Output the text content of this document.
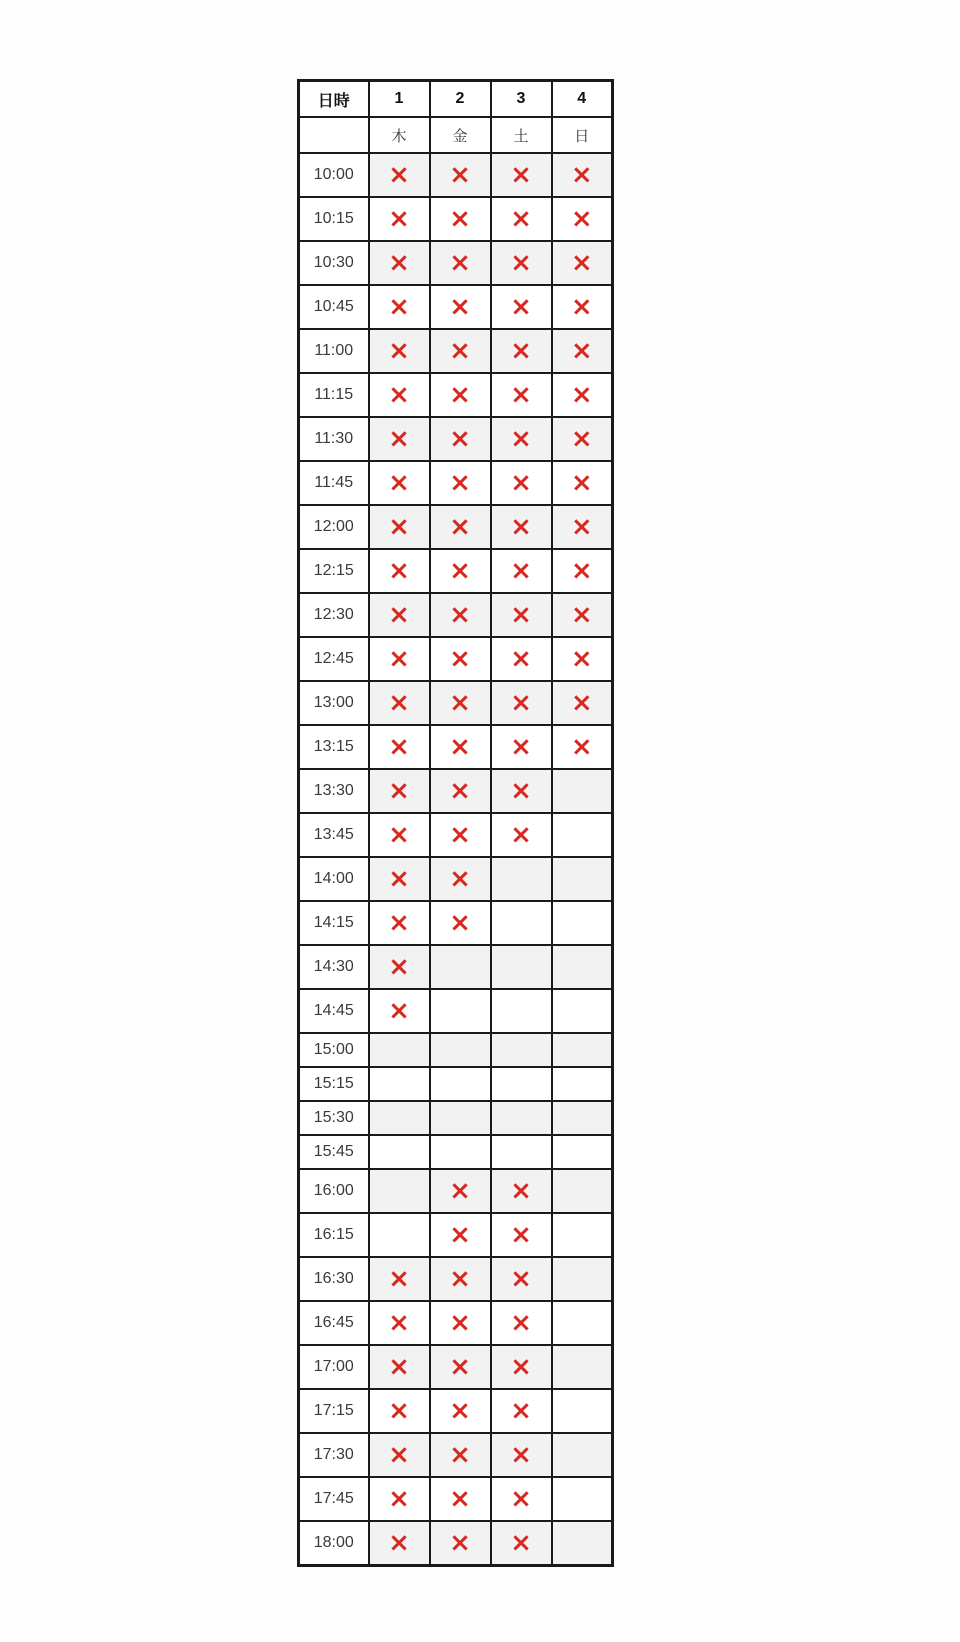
日時	1	2	3	4
	木	金	土	日
10:00	×	×	×	×
10:15	×	×	×	×
10:30	×	×	×	×
10:45	×	×	×	×
11:00	×	×	×	×
11:15	×	×	×	×
11:30	×	×	×	×
11:45	×	×	×	×
12:00	×	×	×	×
12:15	×	×	×	×
12:30	×	×	×	×
12:45	×	×	×	×
13:00	×	×	×	×
13:15	×	×	×	×
13:30	×	×	×	
13:45	×	×	×	
14:00	×	×		
14:15	×	×		
14:30	×			
14:45	×			
15:00				
15:15				
15:30				
15:45				
16:00		×	×	
16:15		×	×	
16:30	×	×	×	
16:45	×	×	×	
17:00	×	×	×	
17:15	×	×	×	
17:30	×	×	×	
17:45	×	×	×	
18:00	×	×	×	
